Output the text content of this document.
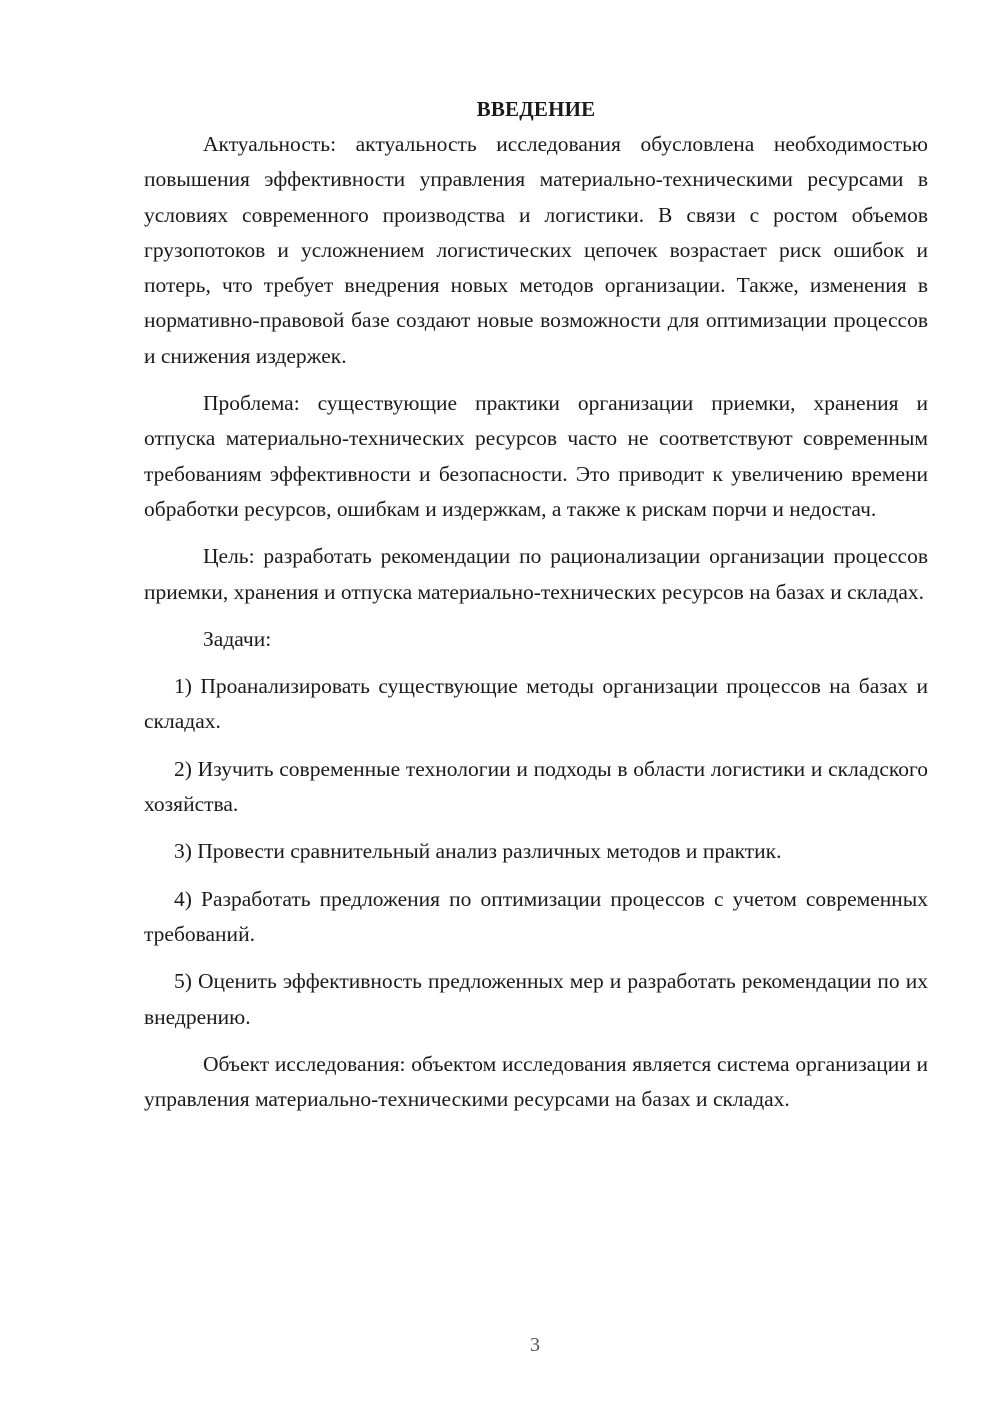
ВВЕДЕНИЕ

Актуальность: актуальность исследования обусловлена необходимостью повышения эффективности управления материально-техническими ресурсами в условиях современного производства и логистики. В связи с ростом объемов грузопотоков и усложнением логистических цепочек возрастает риск ошибок и потерь, что требует внедрения новых методов организации. Также, изменения в нормативно-правовой базе создают новые возможности для оптимизации процессов и снижения издержек.

Проблема: существующие практики организации приемки, хранения и отпуска материально-технических ресурсов часто не соответствуют современным требованиям эффективности и безопасности. Это приводит к увеличению времени обработки ресурсов, ошибкам и издержкам, а также к рискам порчи и недостач.

Цель: разработать рекомендации по рационализации организации процессов приемки, хранения и отпуска материально-технических ресурсов на базах и складах.

Задачи:

1) Проанализировать существующие методы организации процессов на базах и складах.

2) Изучить современные технологии и подходы в области логистики и складского хозяйства.

3) Провести сравнительный анализ различных методов и практик.

4) Разработать предложения по оптимизации процессов с учетом современных требований.

5) Оценить эффективность предложенных мер и разработать рекомендации по их внедрению.

Объект исследования: объектом исследования является система организации и управления материально-техническими ресурсами на базах и складах.

3
